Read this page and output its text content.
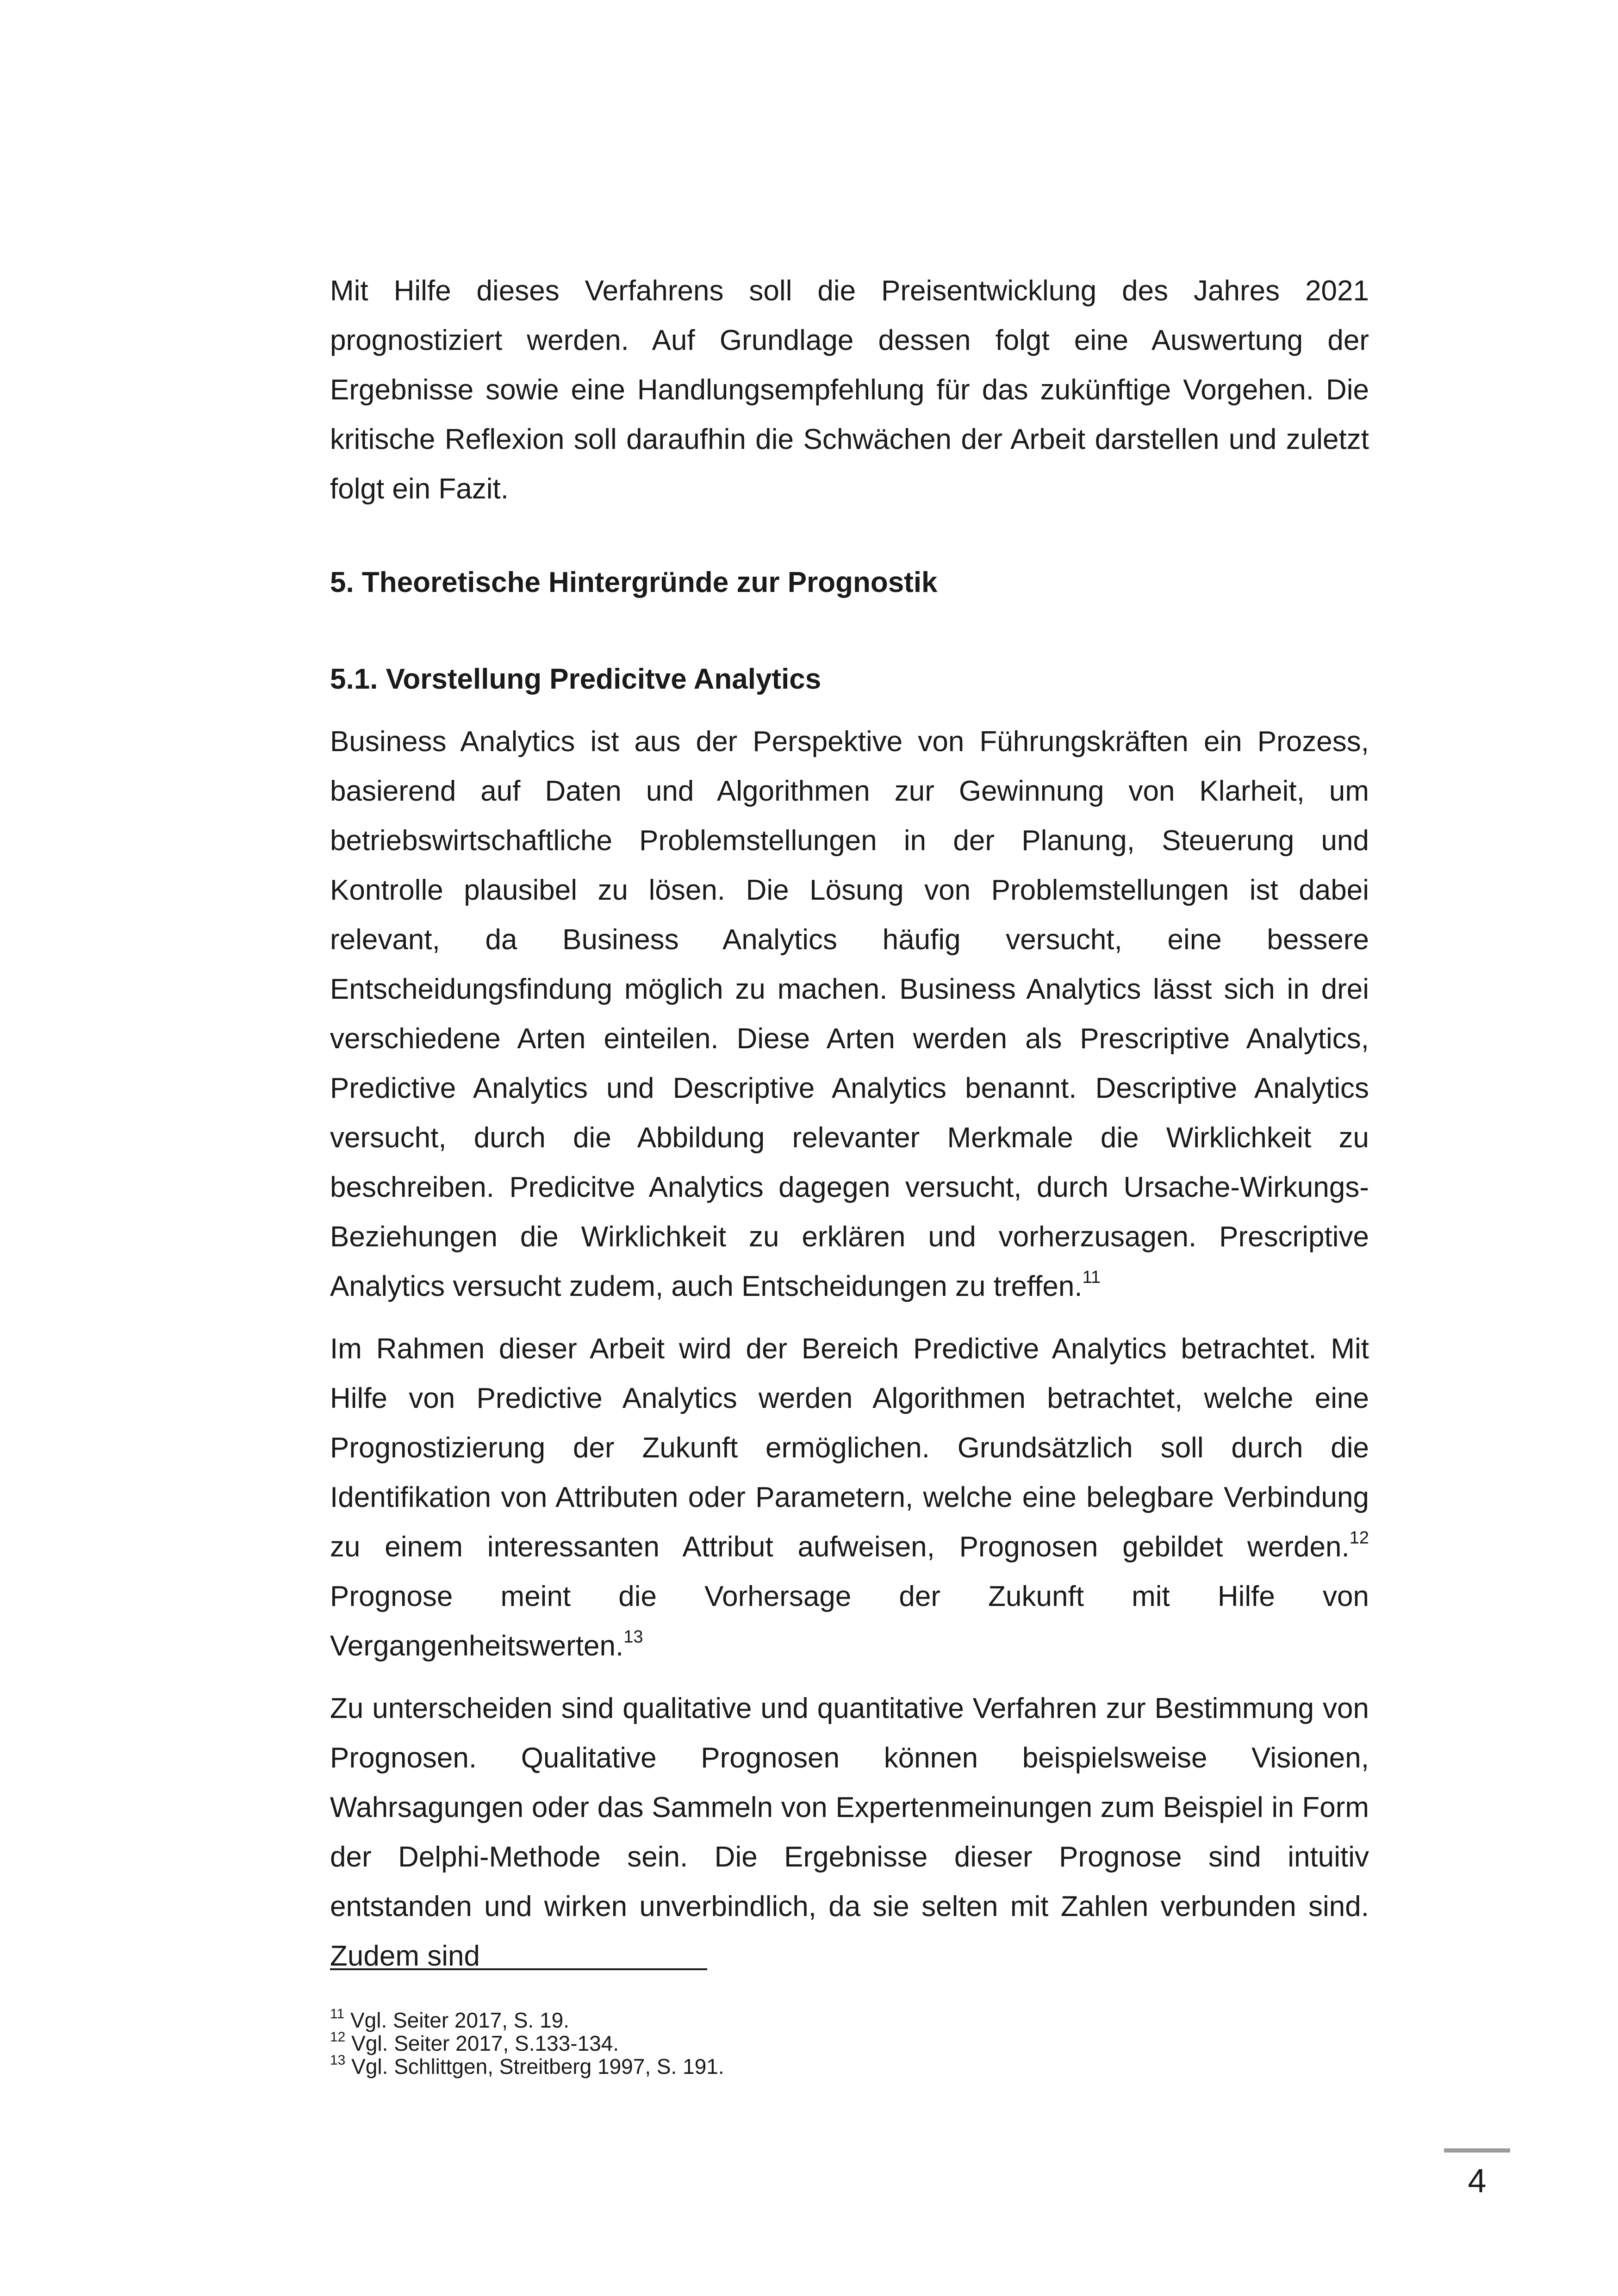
Mit Hilfe dieses Verfahrens soll die Preisentwicklung des Jahres 2021 prognostiziert werden. Auf Grundlage dessen folgt eine Auswertung der Ergebnisse sowie eine Handlungsempfehlung für das zukünftige Vorgehen. Die kritische Reflexion soll daraufhin die Schwächen der Arbeit darstellen und zuletzt folgt ein Fazit.

5. Theoretische Hintergründe zur Prognostik
5.1. Vorstellung Predicitve Analytics

Business Analytics ist aus der Perspektive von Führungskräften ein Prozess, basierend auf Daten und Algorithmen zur Gewinnung von Klarheit, um betriebswirtschaftliche Problemstellungen in der Planung, Steuerung und Kontrolle plausibel zu lösen. Die Lösung von Problemstellungen ist dabei relevant, da Business Analytics häufig versucht, eine bessere Entscheidungsfindung möglich zu machen. Business Analytics lässt sich in drei verschiedene Arten einteilen. Diese Arten werden als Prescriptive Analytics, Predictive Analytics und Descriptive Analytics benannt. Descriptive Analytics versucht, durch die Abbildung relevanter Merkmale die Wirklichkeit zu beschreiben. Predicitve Analytics dagegen versucht, durch Ursache-Wirkungs-Beziehungen die Wirklichkeit zu erklären und vorherzusagen. Prescriptive Analytics versucht zudem, auch Entscheidungen zu treffen.$^{11}$

Im Rahmen dieser Arbeit wird der Bereich Predictive Analytics betrachtet. Mit Hilfe von Predictive Analytics werden Algorithmen betrachtet, welche eine Prognostizierung der Zukunft ermöglichen. Grundsätzlich soll durch die Identifikation von Attributen oder Parametern, welche eine belegbare Verbindung zu einem interessanten Attribut aufweisen, Prognosen gebildet werden.$^{12}$ Prognose meint die Vorhersage der Zukunft mit Hilfe von Vergangenheitswerten.$^{13}$

Zu unterscheiden sind qualitative und quantitative Verfahren zur Bestimmung von Prognosen. Qualitative Prognosen können beispielsweise Visionen, Wahrsagungen oder das Sammeln von Expertenmeinungen zum Beispiel in Form der Delphi-Methode sein. Die Ergebnisse dieser Prognose sind intuitiv entstanden und wirken unverbindlich, da sie selten mit Zahlen verbunden sind. Zudem sind

$^{11}$ Vgl. Seiter 2017, S. 19.

$^{12}$ Vgl. Seiter 2017, S.133-134.

$^{13}$ Vgl. Schlittgen, Streitberg 1997, S. 191.

4
